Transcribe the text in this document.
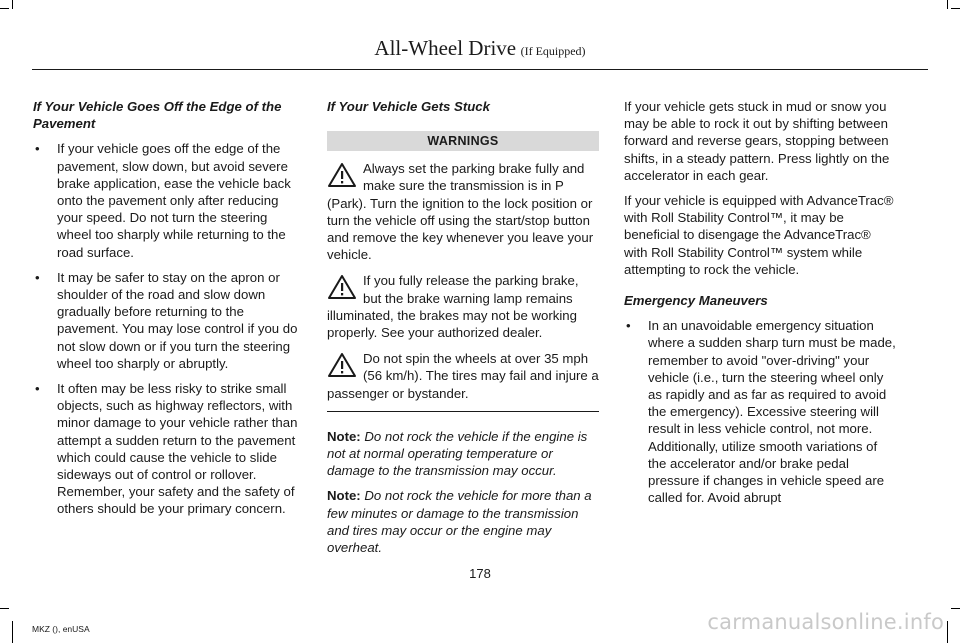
All-Wheel Drive (If Equipped)
If Your Vehicle Goes Off the Edge of the Pavement
• If your vehicle goes off the edge of the pavement, slow down, but avoid severe brake application, ease the vehicle back onto the pavement only after reducing your speed. Do not turn the steering wheel too sharply while returning to the road surface.
• It may be safer to stay on the apron or shoulder of the road and slow down gradually before returning to the pavement. You may lose control if you do not slow down or if you turn the steering wheel too sharply or abruptly.
• It often may be less risky to strike small objects, such as highway reflectors, with minor damage to your vehicle rather than attempt a sudden return to the pavement which could cause the vehicle to slide sideways out of control or rollover. Remember, your safety and the safety of others should be your primary concern.
If Your Vehicle Gets Stuck
WARNINGS
Always set the parking brake fully and make sure the transmission is in P (Park). Turn the ignition to the lock position or turn the vehicle off using the start/stop button and remove the key whenever you leave your vehicle.
If you fully release the parking brake, but the brake warning lamp remains illuminated, the brakes may not be working properly. See your authorized dealer.
Do not spin the wheels at over 35 mph (56 km/h). The tires may fail and injure a passenger or bystander.

Note: Do not rock the vehicle if the engine is not at normal operating temperature or damage to the transmission may occur.

Note: Do not rock the vehicle for more than a few minutes or damage to the transmission and tires may occur or the engine may overheat.

If your vehicle gets stuck in mud or snow you may be able to rock it out by shifting between forward and reverse gears, stopping between shifts, in a steady pattern. Press lightly on the accelerator in each gear.

If your vehicle is equipped with AdvanceTrac® with Roll Stability Control™, it may be beneficial to disengage the AdvanceTrac® with Roll Stability Control™ system while attempting to rock the vehicle.

Emergency Maneuvers
• In an unavoidable emergency situation where a sudden sharp turn must be made, remember to avoid "over-driving" your vehicle (i.e., turn the steering wheel only as rapidly and as far as required to avoid the emergency). Excessive steering will result in less vehicle control, not more. Additionally, utilize smooth variations of the accelerator and/or brake pedal pressure if changes in vehicle speed are called for. Avoid abrupt
178
MKZ (), enUSA	carmanualsonline.info
